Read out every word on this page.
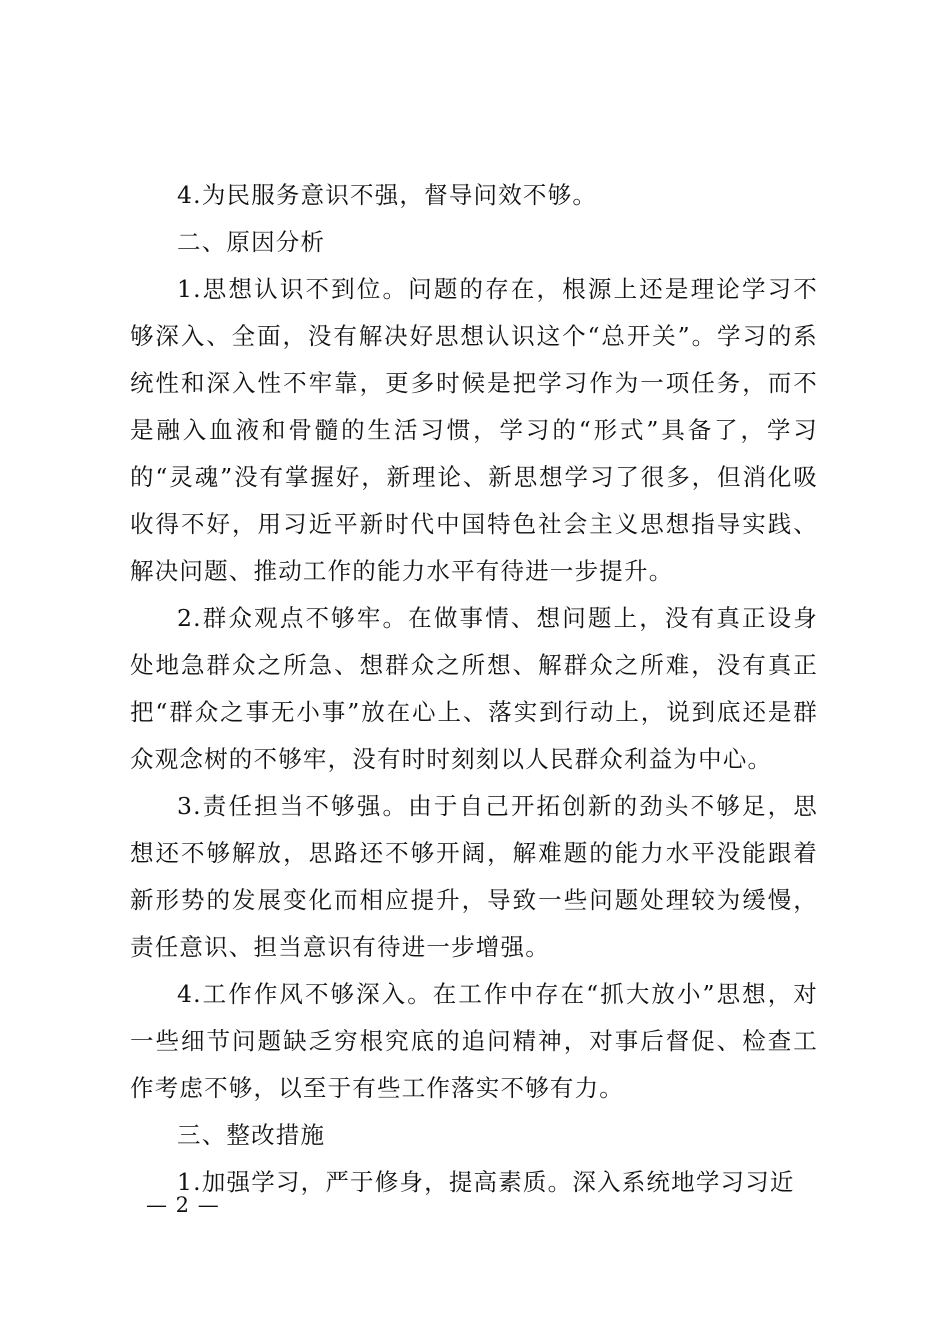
4.为民服务意识不强，督导问效不够。

二、原因分析

1.思想认识不到位。问题的存在，根源上还是理论学习不够深入、全面，没有解决好思想认识这个“总开关”。学习的系统性和深入性不牢靠，更多时候是把学习作为一项任务，而不是融入血液和骨髓的生活习惯，学习的“形式”具备了，学习的“灵魂”没有掌握好，新理论、新思想学习了很多，但消化吸收得不好，用习近平新时代中国特色社会主义思想指导实践、解决问题、推动工作的能力水平有待进一步提升。

2.群众观点不够牢。在做事情、想问题上，没有真正设身处地急群众之所急、想群众之所想、解群众之所难，没有真正把“群众之事无小事”放在心上、落实到行动上，说到底还是群众观念树的不够牢，没有时时刻刻以人民群众利益为中心。

3.责任担当不够强。由于自己开拓创新的劲头不够足，思想还不够解放，思路还不够开阔，解难题的能力水平没能跟着新形势的发展变化而相应提升，导致一些问题处理较为缓慢，责任意识、担当意识有待进一步增强。

4.工作作风不够深入。在工作中存在“抓大放小”思想，对一些细节问题缺乏穷根究底的追问精神，对事后督促、检查工作考虑不够，以至于有些工作落实不够有力。

三、整改措施

1.加强学习，严于修身，提高素质。深入系统地学习习近

— 2 —
